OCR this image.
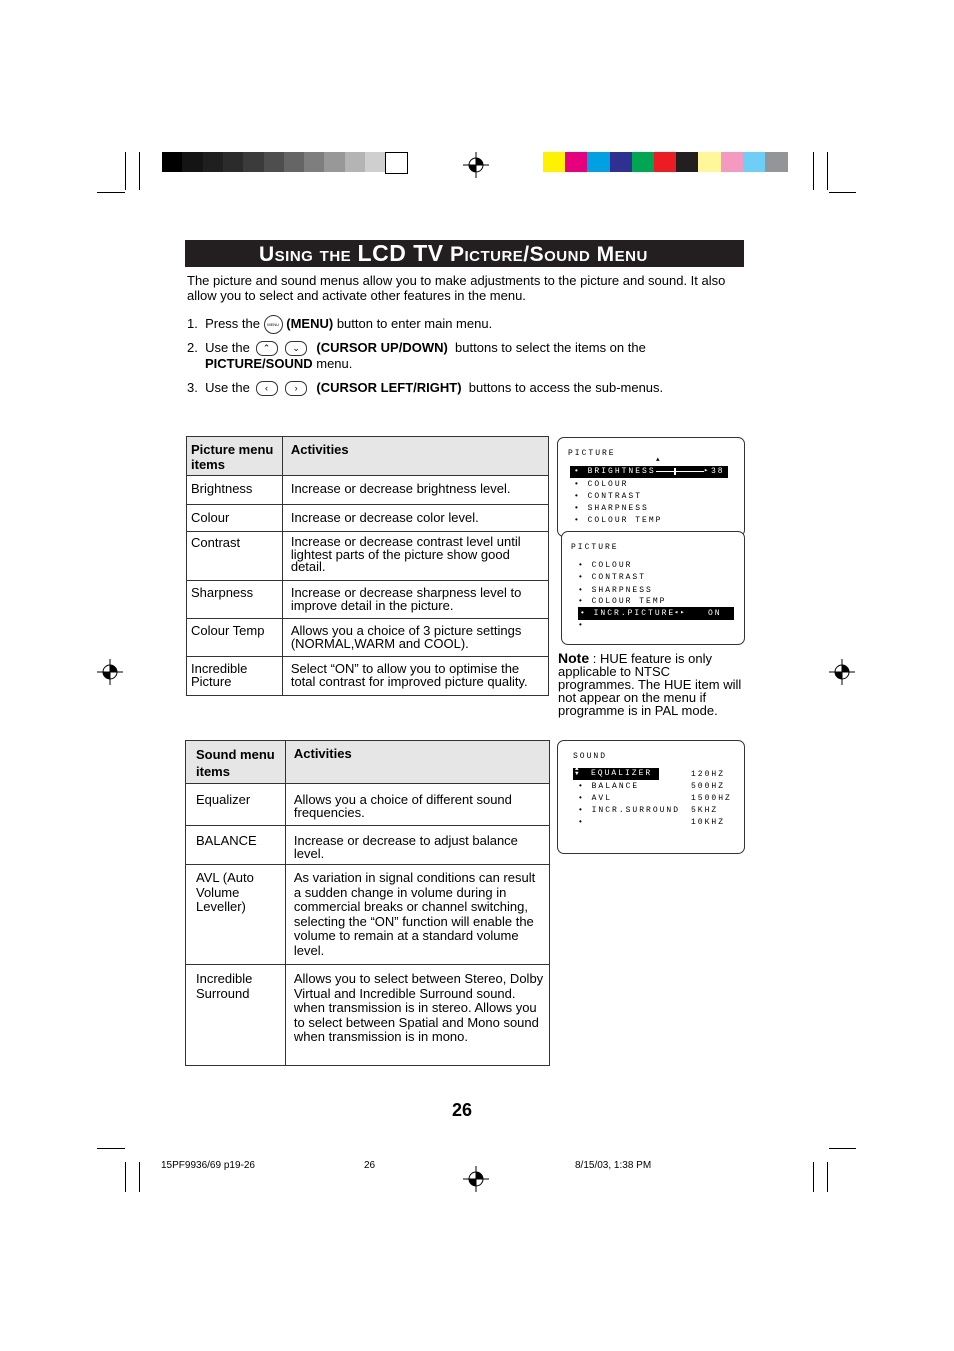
Using the LCD TV Picture/Sound Menu
The picture and sound menus allow you to make adjustments to the picture and sound. It also allow you to select and activate other features in the menu.
1. Press the MENU (MENU) button to enter main menu.
2. Use the ⌃ ⌄ (CURSOR UP/DOWN) buttons to select the items on the
PICTURE/SOUND menu.
3. Use the ‹	› (CURSOR LEFT/RIGHT) buttons to access the sub-menus.
Picture menu items	Activities
Brightness	Increase or decrease brightness level.
Colour	Increase or decrease color level.
Contrast	Increase or decrease contrast level until lightest parts of the picture show good detail.
Sharpness	Increase or decrease sharpness level to improve detail in the picture.
Colour Temp	Allows you a choice of 3 picture settings (NORMAL,WARM and COOL).
Incredible Picture	Select “ON” to allow you to optimise the total contrast for improved picture quality.
PICTURE
▲
• BRIGHTNESS	▸ 38
• COLOUR
• CONTRAST
• SHARPNESS
• COLOUR TEMP
PICTURE
• COLOUR
• CONTRAST
• SHARPNESS
• COLOUR TEMP
• INCR.PICTURE
◂▸	ON
•
Note : HUE feature is only applicable to NTSC programmes. The HUE item will not appear on the menu if programme is in PAL mode.
Sound menu items	Activities
Equalizer	Allows you a choice of different sound frequencies.
BALANCE	Increase or decrease to adjust balance level.
AVL (Auto Volume Leveller)	As variation in signal conditions can result a sudden change in volume during in commercial breaks or channel switching, selecting the “ON” function will enable the volume to remain at a standard volume level.
Incredible Surround	Allows you to select between Stereo, Dolby Virtual and Incredible Surround sound. when transmission is in stereo. Allows you to select between Spatial and Mono sound when transmission is in mono.
SOUND
▲
▼ EQUALIZER
• BALANCE
• AVL
• INCR.SURROUND
•
120HZ
500HZ
1500HZ
5KHZ
10KHZ
26
15PF9936/69 p19-26	26	8/15/03, 1:38 PM
